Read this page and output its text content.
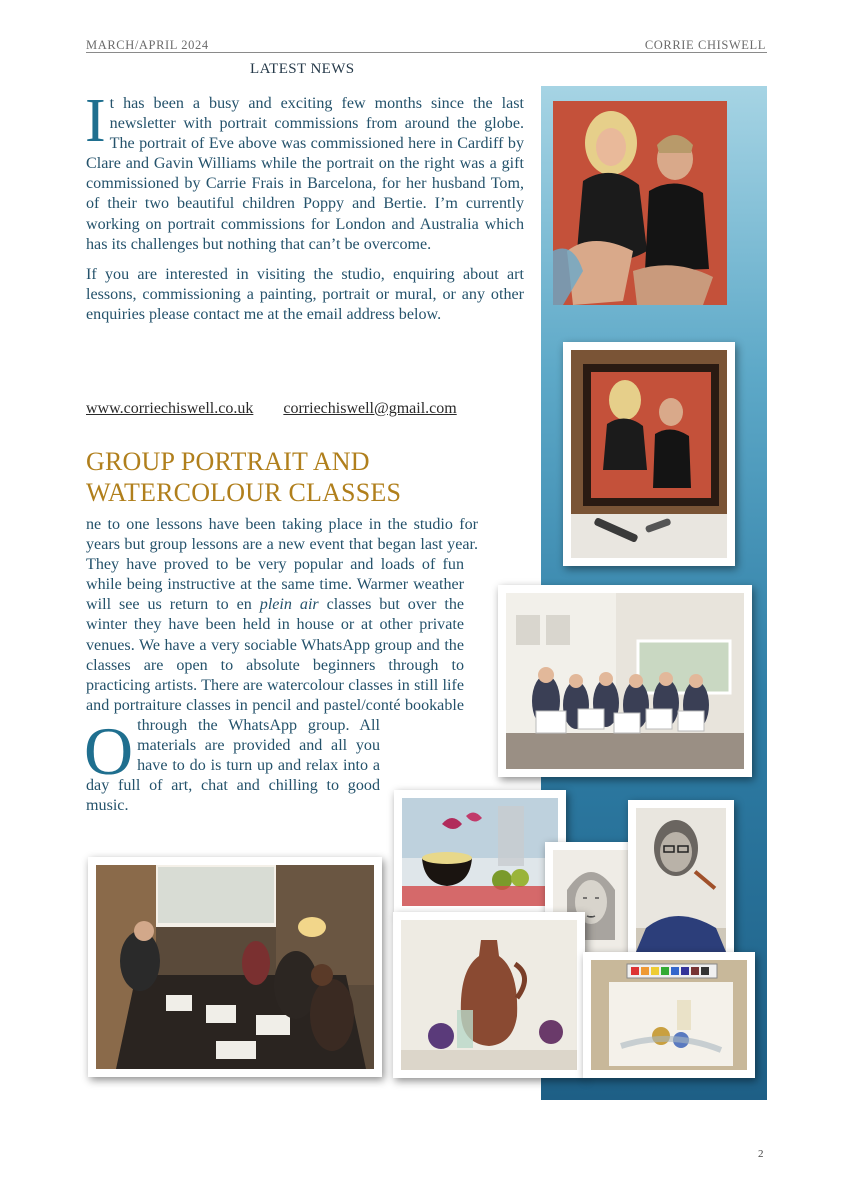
MARCH/APRIL 2024	CORRIE CHISWELL
LATEST NEWS

It has been a busy and exciting few months since the last newsletter with portrait commissions from around the globe. The portrait of Eve above was commissioned here in Cardiff by Clare and Gavin Williams while the portrait on the right was a gift commissioned by Carrie Frais in Barcelona, for her husband Tom, of their two beautiful children Poppy and Bertie. I’m currently working on portrait commissions for London and Australia which has its challenges but nothing that can’t be overcome.

If you are interested in visiting the studio, enquiring about art lessons, commissioning a painting, portrait or mural, or any other enquiries please contact me at the email address below.

www.corriechiswell.co.uk corriechiswell@gmail.com
GROUP PORTRAIT AND WATERCOLOUR CLASSES

O
ne to one lessons have been taking place in the studio for years but group lessons are a new event that began last year. They have proved to be very popular and loads of fun while being instructive at the same time. Warmer weather will see us return to en plein air classes but over the winter they have been held in house or at other private venues. We have a very sociable WhatsApp group and the classes are open to absolute beginners through to practicing artists. There are watercolour classes in still life and portraiture classes in pencil and pastel/conté bookable through the WhatsApp group. All materials are provided and all you have to do is turn up and relax into a day full of art, chat and chilling to good music.

2
